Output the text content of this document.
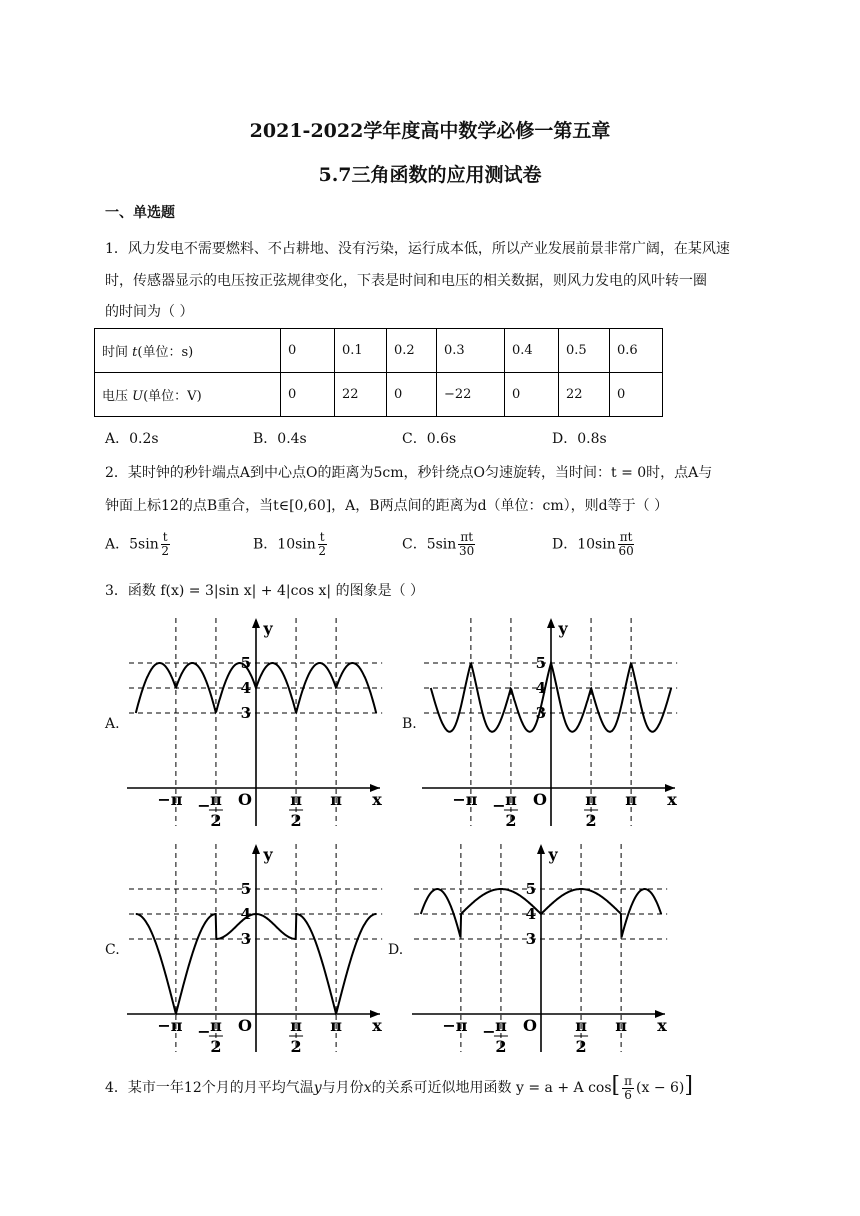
2021-2022学年度高中数学必修一第五章
5.7三角函数的应用测试卷
一、单选题
1．风力发电不需要燃料、不占耕地、没有污染，运行成本低，所以产业发展前景非常广阔，在某风速
时，传感器显示的电压按正弦规律变化，下表是时间和电压的相关数据，则风力发电的风叶转一圈
的时间为（ ）
时间 t(单位：s)	0	0.1	0.2	0.3	0.4	0.5	0.6
电压 U(单位：V)	0	22	0	−22	0	22	0
A．0.2s	B．0.4s	C．0.6s	D．0.8s
2．某时钟的秒针端点A到中心点O的距离为5cm，秒针绕点O匀速旋转，当时间：t = 0时，点A与
钟面上标12的点B重合，当t∈[0,60]，A，B两点间的距离为d（单位：cm），则d等于（ ）
A．$5\sin \frac{t}{2}$	B．$10\sin \frac{t}{2}$	C．$5\sin \frac{\pi t}{30}$	D．$10\sin \frac{\pi t}{60}$
3．函数 f(x) = 3|sin x| + 4|cos x| 的图象是（ ）
A.	B.
C.	D.
y
x
O
−π − π
2
π
2
π
5
4
3
y
x
O
−π − π
2
π
2
π
5
4
3
y
x
O
−π − π
2
π
2
π
5
4
3
y
x
O
−π − π
2
π
2
π
5
4
3
4．某市一年12个月的月平均气温y与月份x的关系可近似地用函数 y = a + A $\cos[ \frac{\pi}{6} (x - 6)]$
